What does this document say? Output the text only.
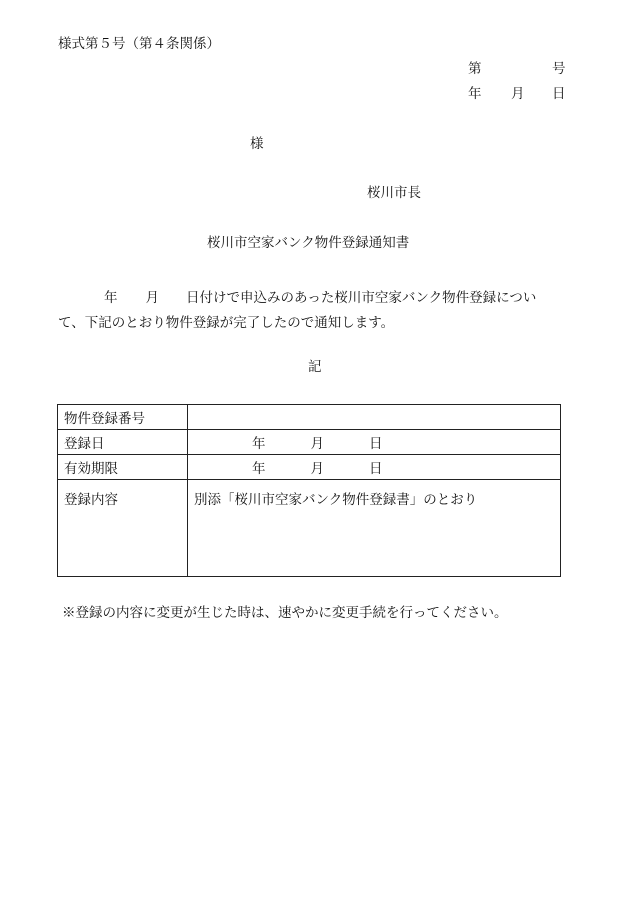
様式第５号（第４条関係）
第	号
年 月 日
様
桜川市長
桜川市空家バンク物件登録通知書
年 月 日付けで申込みのあった桜川市空家バンク物件登録につい
て、下記のとおり物件登録が完了したので通知します。
記
物件登録番号	
登録日	年 月 日
有効期限	年 月 日
登録内容	別添「桜川市空家バンク物件登録書」のとおり
※登録の内容に変更が生じた時は、速やかに変更手続を行ってください。
